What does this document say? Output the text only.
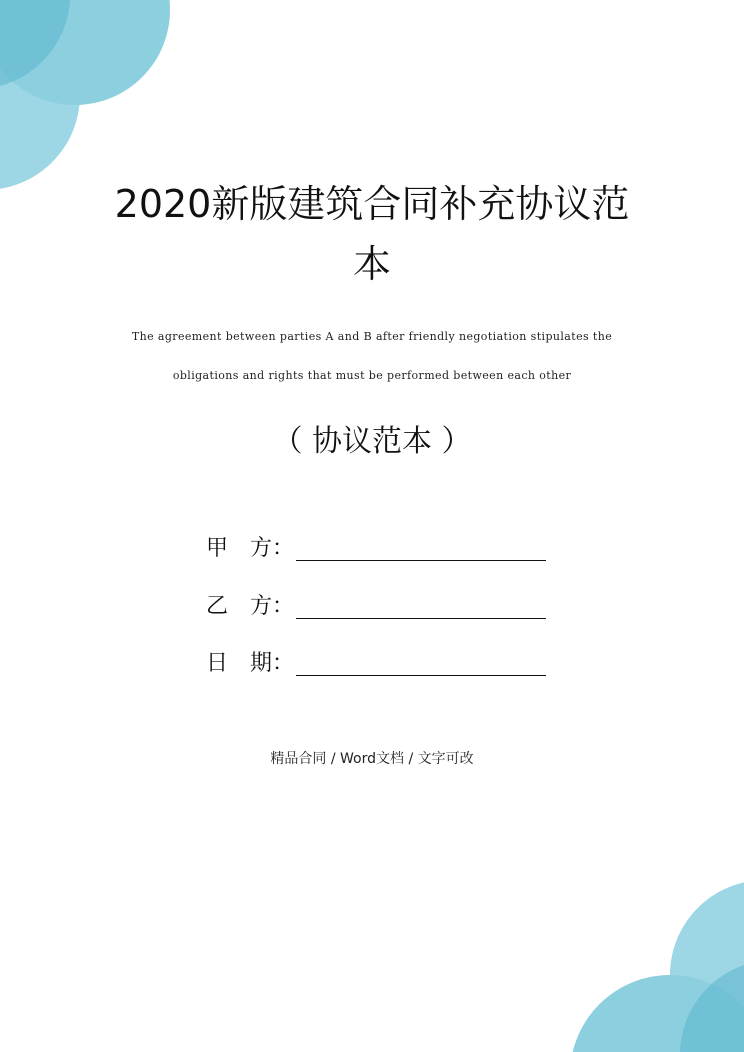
2020新版建筑合同补充协议范
本
The agreement between parties A and B after friendly negotiation stipulates the
obligations and rights that must be performed between each other
（ 协议范本 ）
甲　方：
乙　方：
日　期：
精品合同 / Word文档 / 文字可改
